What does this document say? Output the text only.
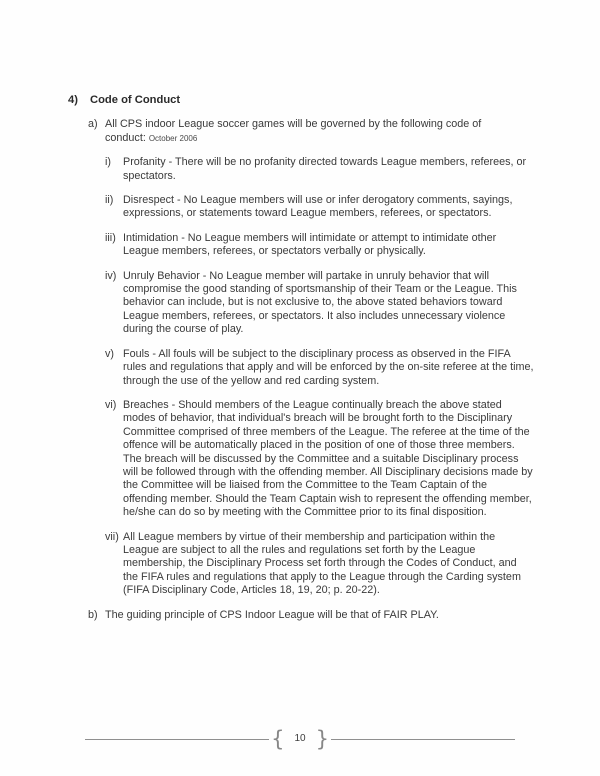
4)	Code of Conduct
a) All CPS indoor League soccer games will be governed by the following code of conduct: October 2006
i)	Profanity - There will be no profanity directed towards League members, referees, or spectators.
ii) Disrespect - No League members will use or infer derogatory comments, sayings, expressions, or statements toward League members, referees, or spectators.
iii) Intimidation - No League members will intimidate or attempt to intimidate other League members, referees, or spectators verbally or physically.
iv) Unruly Behavior - No League member will partake in unruly behavior that will compromise the good standing of sportsmanship of their Team or the League. This behavior can include, but is not exclusive to, the above stated behaviors toward League members, referees, or spectators. It also includes unnecessary violence during the course of play.
v) Fouls - All fouls will be subject to the disciplinary process as observed in the FIFA rules and regulations that apply and will be enforced by the on-site referee at the time, through the use of the yellow and red carding system.
vi) Breaches - Should members of the League continually breach the above stated modes of behavior, that individual's breach will be brought forth to the Disciplinary Committee comprised of three members of the League. The referee at the time of the offence will be automatically placed in the position of one of those three members. The breach will be discussed by the Committee and a suitable Disciplinary process will be followed through with the offending member. All Disciplinary decisions made by the Committee will be liaised from the Committee to the Team Captain of the offending member. Should the Team Captain wish to represent the offending member, he/she can do so by meeting with the Committee prior to its final disposition.
vii) All League members by virtue of their membership and participation within the League are subject to all the rules and regulations set forth by the League membership, the Disciplinary Process set forth through the Codes of Conduct, and the FIFA rules and regulations that apply to the League through the Carding system (FIFA Disciplinary Code, Articles 18, 19, 20; p. 20-22).
b) The guiding principle of CPS Indoor League will be that of FAIR PLAY.
{	10 }
